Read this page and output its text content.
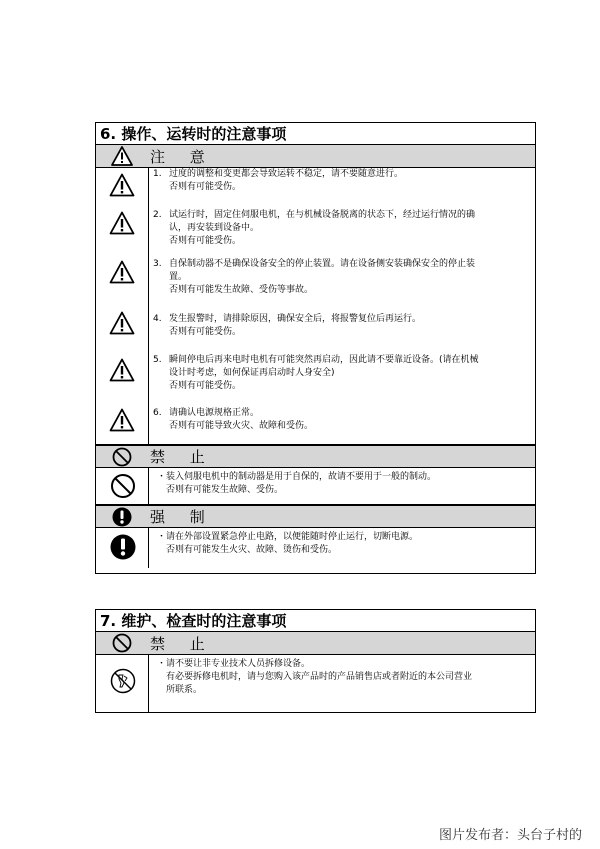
6. 操作、运转时的注意事项
注 意
1. 过度的调整和变更都会导致运转不稳定，请不要随意进行。
否则有可能受伤。
2. 试运行时，固定住伺服电机，在与机械设备脱离的状态下，经过运行情况的确
认，再安装到设备中。
否则有可能受伤。
3. 自保制动器不是确保设备安全的停止装置。请在设备侧安装确保安全的停止装
置。
否则有可能发生故障、受伤等事故。
4. 发生报警时，请排除原因，确保安全后，将报警复位后再运行。
否则有可能受伤。
5. 瞬间停电后再来电时电机有可能突然再启动，因此请不要靠近设备。(请在机械
设计时考虑，如何保证再启动时人身安全)
否则有可能受伤。
6. 请确认电源规格正常。
否则有可能导致火灾、故障和受伤。
禁 止
・ 装入伺服电机中的制动器是用于自保的，故请不要用于一般的制动。
否则有可能发生故障、受伤。
强 制
・ 请在外部设置紧急停止电路，以便能随时停止运行，切断电源。
否则有可能发生火灾、故障、烫伤和受伤。
7. 维护、检查时的注意事项
禁 止
・ 请不要让非专业技术人员拆修设备。
有必要拆修电机时，请与您购入该产品时的产品销售店或者附近的本公司营业
所联系。
图片发布者：头台子村的
